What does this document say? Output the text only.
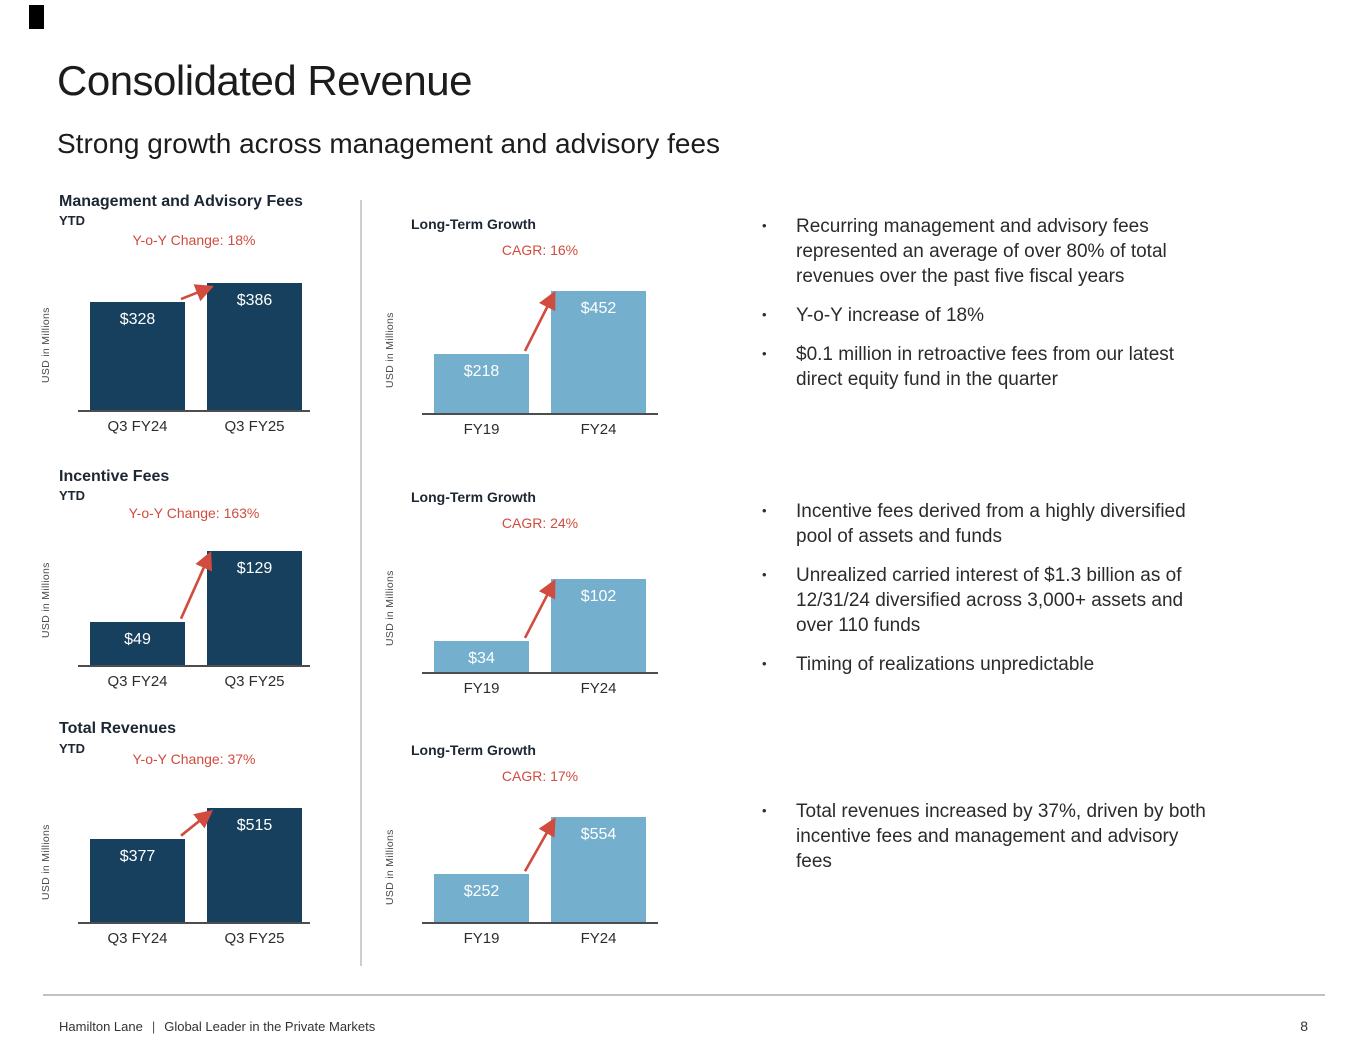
Consolidated Revenue
Strong growth across management and advisory fees
Management and Advisory Fees
YTD
Y-o-Y Change: 18%
USD in Millions	$328
$386
Q3 FY24	Q3 FY25
Long-Term Growth
CAGR: 16%
USD in Millions	$218
$452
FY19	FY24
•	Recurring management and advisory fees represented an average of over 80% of total revenues over the past five fiscal years
•	Y-o-Y increase of 18%
•	$0.1 million in retroactive fees from our latest direct equity fund in the quarter
Incentive Fees
YTD
Y-o-Y Change: 163%
USD in Millions
$49
$129
Q3 FY24	Q3 FY25
Long-Term Growth
CAGR: 24%
USD in Millions
$34
$102
FY19	FY24
•	Incentive fees derived from a highly diversified pool of assets and funds
•	Unrealized carried interest of $1.3 billion as of 12/31/24 diversified across 3,000+ assets and over 110 funds
•	Timing of realizations unpredictable
Total Revenues
YTD
Y-o-Y Change: 37%
USD in Millions	$377
$515
Q3 FY24	Q3 FY25
Long-Term Growth
CAGR: 17%
USD in Millions	$252
$554
FY19	FY24
•	Total revenues increased by 37%, driven by both incentive fees and management and advisory fees
Hamilton Lane | Global Leader in the Private Markets	8
